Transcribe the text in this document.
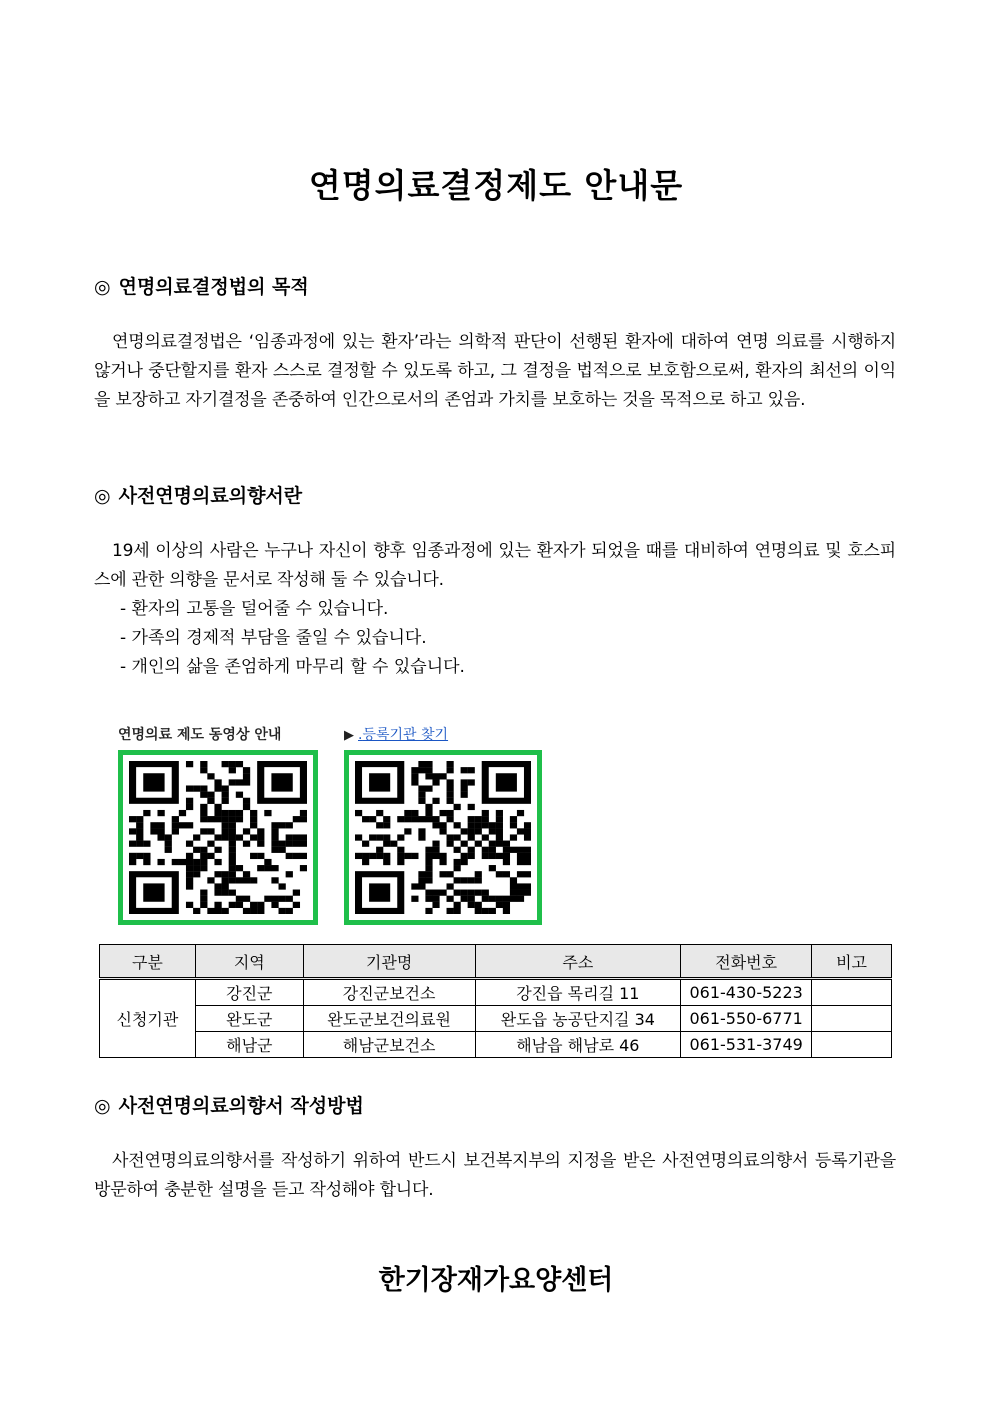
연명의료결정제도 안내문
◎ 연명의료결정법의 목적

연명의료결정법은 ‘임종과정에 있는 환자’라는 의학적 판단이 선행된 환자에 대하여 연명 의료를 시행하지 않거나 중단할지를 환자 스스로 결정할 수 있도록 하고, 그 결정을 법적으로 보호함으로써, 환자의 최선의 이익을 보장하고 자기결정을 존중하여 인간으로서의 존엄과 가치를 보호하는 것을 목적으로 하고 있음.

◎ 사전연명의료의향서란

19세 이상의 사람은 누구나 자신이 향후 임종과정에 있는 환자가 되었을 때를 대비하여 연명의료 및 호스피스에 관한 의향을 문서로 작성해 둘 수 있습니다.

- 환자의 고통을 덜어줄 수 있습니다.

- 가족의 경제적 부담을 줄일 수 있습니다.

- 개인의 삶을 존엄하게 마무리 할 수 있습니다.

연명의료 제도 동영상 안내	▶ .등록기관 찾기
구분	지역	기관명	주소	전화번호	비고
신청기관	강진군	강진군보건소	강진읍 목리길 11	061-430-5223	
	완도군	완도군보건의료원	완도읍 농공단지길 34	061-550-6771	
	해남군	해남군보건소	해남읍 해남로 46	061-531-3749	
◎ 사전연명의료의향서 작성방법

사전연명의료의향서를 작성하기 위하여 반드시 보건복지부의 지정을 받은 사전연명의료의향서 등록기관을 방문하여 충분한 설명을 듣고 작성해야 합니다.

한기장재가요양센터
